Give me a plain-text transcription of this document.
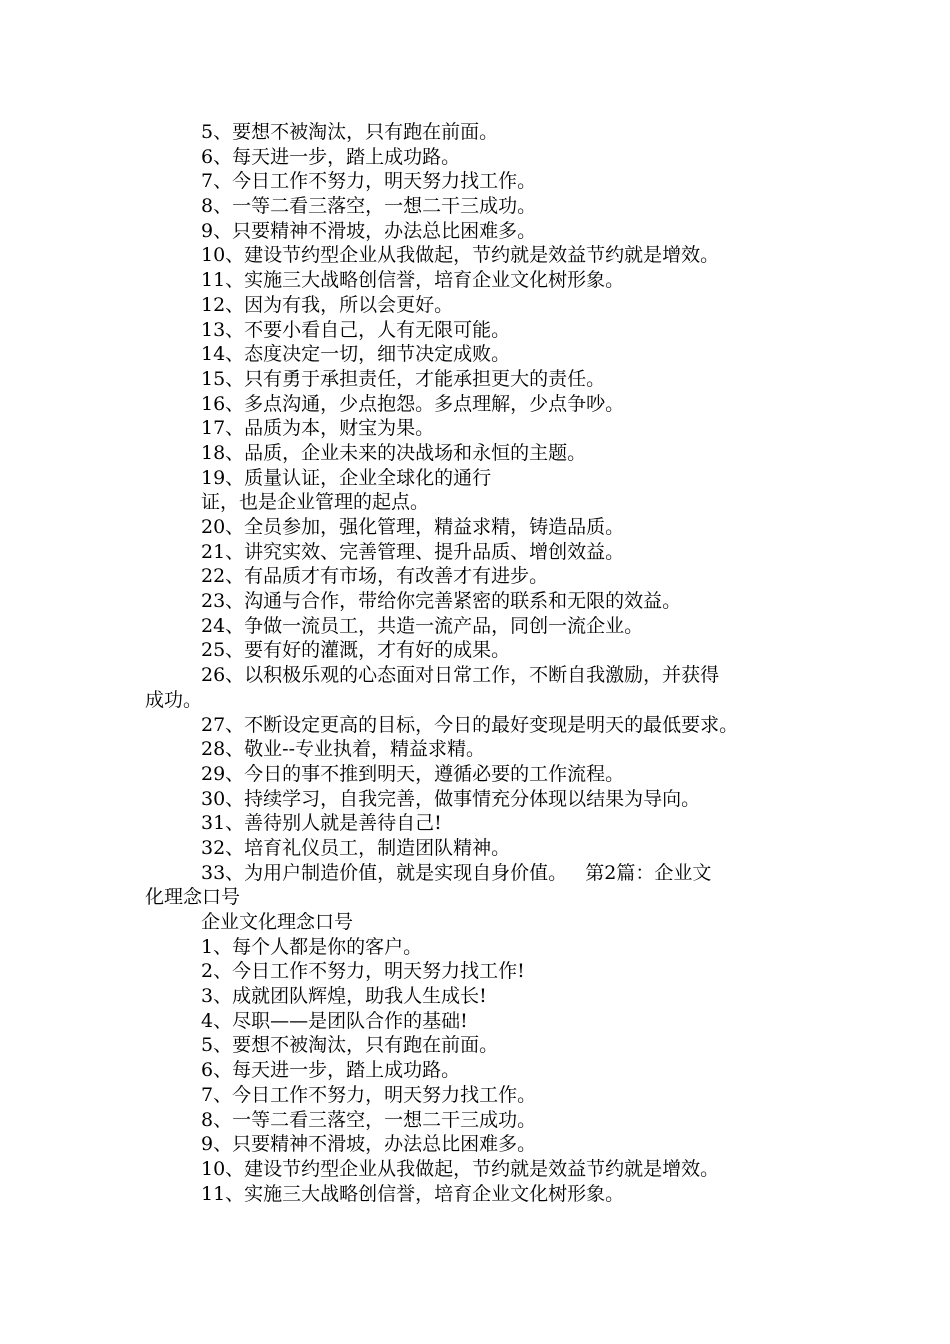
5、要想不被淘汰，只有跑在前面。
6、每天进一步，踏上成功路。
7、今日工作不努力，明天努力找工作。
8、一等二看三落空，一想二干三成功。
9、只要精神不滑坡，办法总比困难多。
10、建设节约型企业从我做起，节约就是效益节约就是增效。
11、实施三大战略创信誉，培育企业文化树形象。
12、因为有我，所以会更好。
13、不要小看自己，人有无限可能。
14、态度决定一切，细节决定成败。
15、只有勇于承担责任，才能承担更大的责任。
16、多点沟通，少点抱怨。多点理解，少点争吵。
17、品质为本，财宝为果。
18、品质，企业未来的决战场和永恒的主题。
19、质量认证，企业全球化的通行
证，也是企业管理的起点。
20、全员参加，强化管理，精益求精，铸造品质。
21、讲究实效、完善管理、提升品质、增创效益。
22、有品质才有市场，有改善才有进步。
23、沟通与合作，带给你完善紧密的联系和无限的效益。
24、争做一流员工，共造一流产品，同创一流企业。
25、要有好的灌溉，才有好的成果。
26、以积极乐观的心态面对日常工作，不断自我激励，并获得
成功。
27、不断设定更高的目标，今日的最好变现是明天的最低要求。
28、敬业--专业执着，精益求精。
29、今日的事不推到明天，遵循必要的工作流程。
30、持续学习，自我完善，做事情充分体现以结果为导向。
31、善待别人就是善待自己!
32、培育礼仪员工，制造团队精神。
33、为用户制造价值，就是实现自身价值。   第2篇：企业文
化理念口号
企业文化理念口号
1、每个人都是你的客户。
2、今日工作不努力，明天努力找工作!
3、成就团队辉煌，助我人生成长!
4、尽职——是团队合作的基础!
5、要想不被淘汰，只有跑在前面。
6、每天进一步，踏上成功路。
7、今日工作不努力，明天努力找工作。
8、一等二看三落空，一想二干三成功。
9、只要精神不滑坡，办法总比困难多。
10、建设节约型企业从我做起，节约就是效益节约就是增效。
11、实施三大战略创信誉，培育企业文化树形象。
